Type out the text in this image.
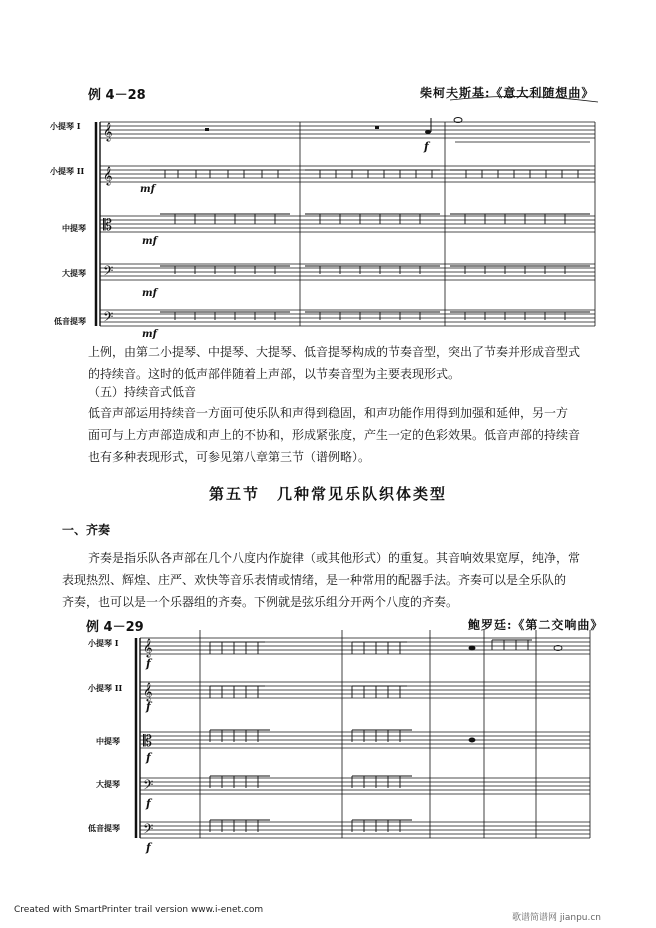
例 4－28	柴柯夫斯基:《意大利随想曲》
小提琴 I
小提琴 II
中提琴
大提琴
低音提琴
𝄞
𝄞
𝄡
𝄢
𝄢
f
mf
mf
mf
mf
上例，由第二小提琴、中提琴、大提琴、低音提琴构成的节奏音型，突出了节奏并形成音型式
的持续音。这时的低声部伴随着上声部，以节奏音型为主要表现形式。
（五）持续音式低音
低音声部运用持续音一方面可使乐队和声得到稳固，和声功能作用得到加强和延伸，另一方
面可与上方声部造成和声上的不协和，形成紧张度，产生一定的色彩效果。低音声部的持续音
也有多种表现形式，可参见第八章第三节（谱例略）。
第五节　几种常见乐队织体类型
一、齐奏
齐奏是指乐队各声部在几个八度内作旋律（或其他形式）的重复。其音响效果宽厚，纯净，常
表现热烈、辉煌、庄严、欢快等音乐表情或情绪，是一种常用的配器手法。齐奏可以是全乐队的
齐奏，也可以是一个乐器组的齐奏。下例就是弦乐组分开两个八度的齐奏。
例 4－29	鲍罗廷:《第二交响曲》
小提琴 I
小提琴 II
中提琴
大提琴
低音提琴
𝄞
𝄞
𝄡
𝄢
𝄢
f
f
f
f
f
Created with SmartPrinter trail version www.i-enet.com
歌谱简谱网 jianpu.cn
